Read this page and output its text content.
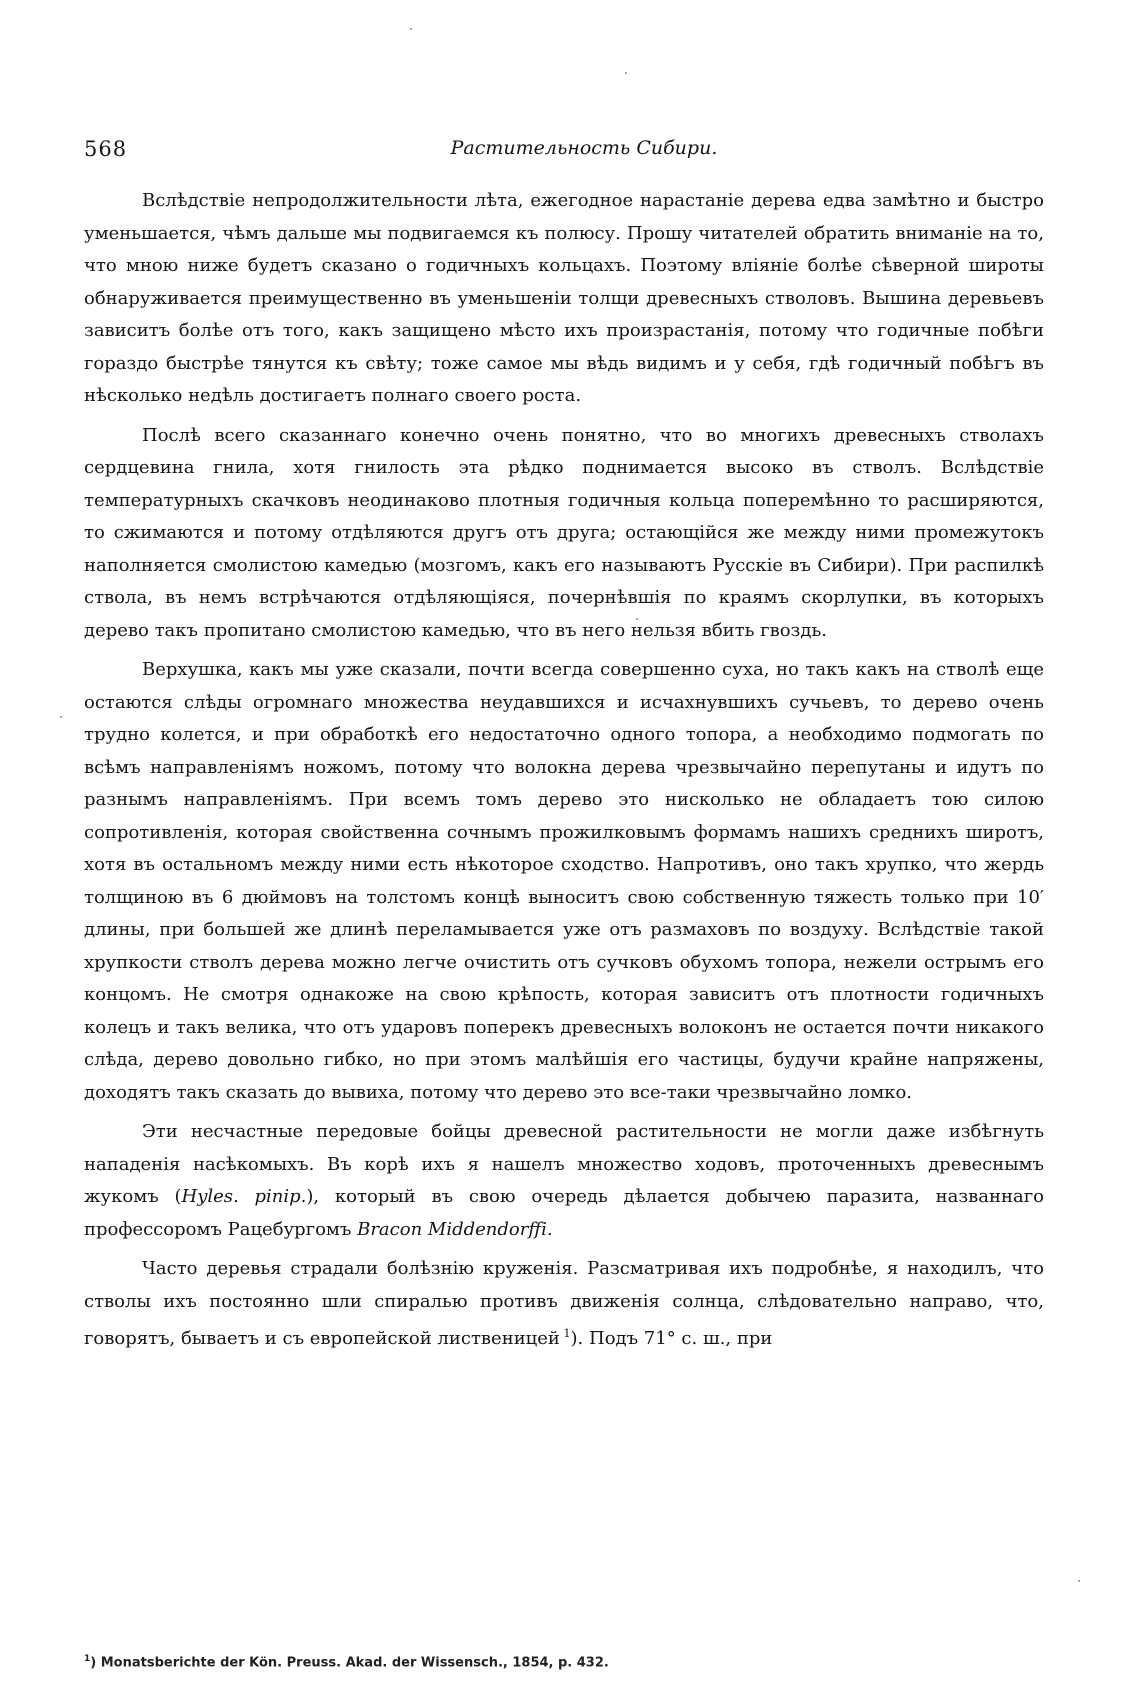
568	Растительность Сибири.

Вслѣдствіе непродолжительности лѣта, ежегодное нарастаніе дерева едва замѣтно и быстро уменьшается, чѣмъ дальше мы подвигаемся къ полюсу. Прошу читателей обратить вниманіе на то, что мною ниже будетъ сказано о годичныхъ кольцахъ. Поэтому вліяніе болѣе сѣверной широты обнаруживается преимущественно въ уменьшеніи толщи древесныхъ стволовъ. Вышина деревьевъ зависитъ болѣе отъ того, какъ защищено мѣсто ихъ произрастанія, потому что годичные побѣги гораздо быстрѣе тянутся къ свѣту; тоже самое мы вѣдь видимъ и у себя, гдѣ годичный побѣгъ въ нѣсколько недѣль достигаетъ полнаго своего роста.

Послѣ всего сказаннаго конечно очень понятно, что во многихъ древесныхъ стволахъ сердцевина гнила, хотя гнилость эта рѣдко поднимается высоко въ стволъ. Вслѣдствіе температурныхъ скачковъ неодинаково плотныя годичныя кольца поперемѣнно то расширяются, то сжимаются и потому отдѣляются другъ отъ друга; остающійся же между ними промежутокъ наполняется смолистою камедью (мозгомъ, какъ его называютъ Русскіе въ Сибири). При распилкѣ ствола, въ немъ встрѣчаются отдѣляющіяся, почернѣвшія по краямъ скорлупки, въ которыхъ дерево такъ пропитано смолистою камедью, что въ него нельзя вбить гвоздь.

Верхушка, какъ мы уже сказали, почти всегда совершенно суха, но такъ какъ на стволѣ еще остаются слѣды огромнаго множества неудавшихся и исчахнувшихъ сучьевъ, то дерево очень трудно колется, и при обработкѣ его недостаточно одного топора, а необходимо подмогать по всѣмъ направленіямъ ножомъ, потому что волокна дерева чрезвычайно перепутаны и идутъ по разнымъ направленіямъ. При всемъ томъ дерево это нисколько не обладаетъ тою силою сопротивленія, которая свойственна сочнымъ прожилковымъ формамъ нашихъ среднихъ широтъ, хотя въ остальномъ между ними есть нѣкоторое сходство. Напротивъ, оно такъ хрупко, что жердь толщиною въ 6 дюймовъ на толстомъ концѣ выноситъ свою собственную тяжесть только при 10′ длины, при большей же длинѣ переламывается уже отъ размаховъ по воздуху. Вслѣдствіе такой хрупкости стволъ дерева можно легче очистить отъ сучковъ обухомъ топора, нежели острымъ его концомъ. Не смотря однакоже на свою крѣпость, которая зависитъ отъ плотности годичныхъ колецъ и такъ велика, что отъ ударовъ поперекъ древесныхъ волоконъ не остается почти никакого слѣда, дерево довольно гибко, но при этомъ малѣйшія его частицы, будучи крайне напряжены, доходятъ такъ сказать до вывиха, потому что дерево это все-таки чрезвычайно ломко.

Эти несчастные передовые бойцы древесной растительности не могли даже избѣгнуть нападенія насѣкомыхъ. Въ корѣ ихъ я нашелъ множество ходовъ, проточенныхъ древеснымъ жукомъ (Hyles. pinip.), который въ свою очередь дѣлается добычею паразита, названнаго профессоромъ Рацебургомъ Bracon Middendorffi.

Часто деревья страдали болѣзнію круженія. Разсматривая ихъ подробнѣе, я находилъ, что стволы ихъ постоянно шли спиралью противъ движенія солнца, слѣдовательно направо, что, говорятъ, бываетъ и съ европейской лиственицей  $^1$). Подъ 71° с. ш., при

$^1$) Monatsberichte der Kön. Preuss. Akad. der Wissensch., 1854, p. 432.
